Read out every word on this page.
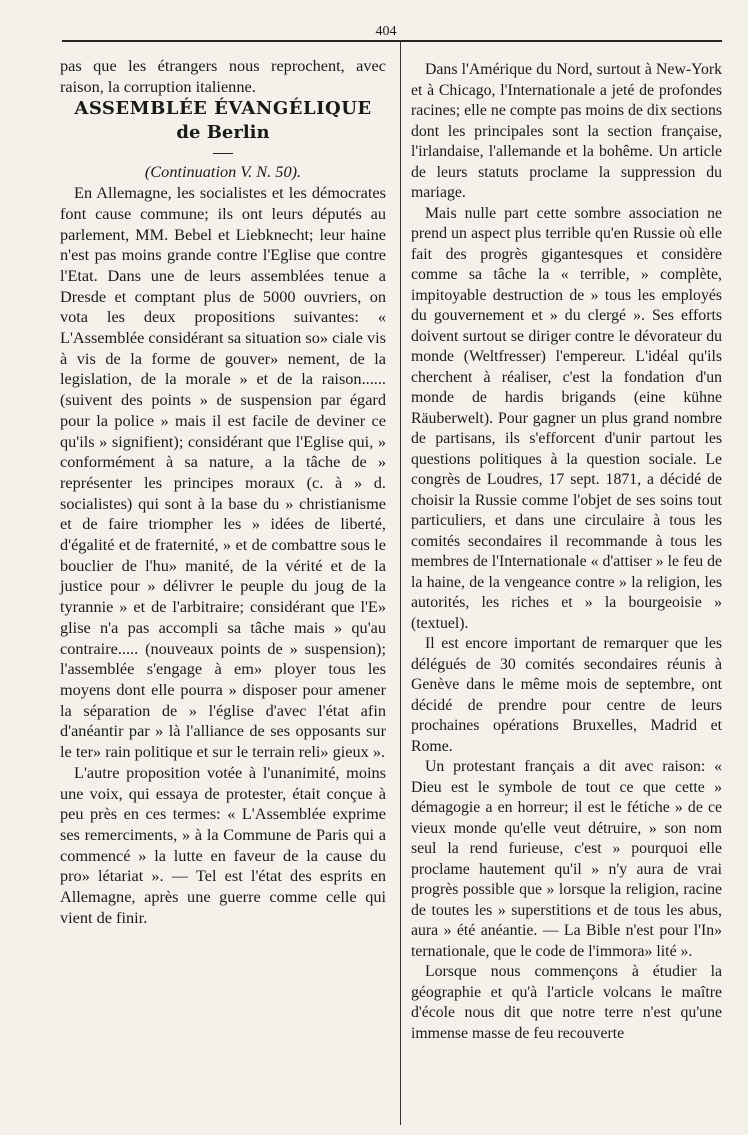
404

pas que les étrangers nous reprochent, avec raison, la corruption italienne.

ASSEMBLÉE ÉVANGÉLIQUE

de Berlin

(Continuation V. N. 50).

En Allemagne, les socialistes et les démocrates font cause commune; ils ont leurs députés au parlement, MM. Bebel et Liebknecht; leur haine n'est pas moins grande contre l'Eglise que contre l'Etat. Dans une de leurs assemblées tenue a Dresde et comptant plus de 5000 ouvriers, on vota les deux propositions suivantes: « L'Assemblée considérant sa situation so» ciale vis à vis de la forme de gouver» nement, de la legislation, de la morale » et de la raison...... (suivent des points » de suspension par égard pour la police » mais il est facile de deviner ce qu'ils » signifient); considérant que l'Eglise qui, » conformément à sa nature, a la tâche de » représenter les principes moraux (c. à » d. socialistes) qui sont à la base du » christianisme et de faire triompher les » idées de liberté, d'égalité et de fraternité, » et de combattre sous le bouclier de l'hu» manité, de la vérité et de la justice pour » délivrer le peuple du joug de la tyrannie » et de l'arbitraire; considérant que l'E» glise n'a pas accompli sa tâche mais » qu'au contraire..... (nouveaux points de » suspension); l'assemblée s'engage à em» ployer tous les moyens dont elle pourra » disposer pour amener la séparation de » l'église d'avec l'état afin d'anéantir par » là l'alliance de ses opposants sur le ter» rain politique et sur le terrain reli» gieux ».

L'autre proposition votée à l'unanimité, moins une voix, qui essaya de protester, était conçue à peu près en ces termes: « L'Assemblée exprime ses remerciments, » à la Commune de Paris qui a commencé » la lutte en faveur de la cause du pro» létariat ». — Tel est l'état des esprits en Allemagne, après une guerre comme celle qui vient de finir.

Dans l'Amérique du Nord, surtout à New-York et à Chicago, l'Internationale a jeté de profondes racines; elle ne compte pas moins de dix sections dont les principales sont la section française, l'irlandaise, l'allemande et la bohême. Un article de leurs statuts proclame la suppression du mariage.

Mais nulle part cette sombre association ne prend un aspect plus terrible qu'en Russie où elle fait des progrès gigantesques et considère comme sa tâche la « terrible, » complète, impitoyable destruction de » tous les employés du gouvernement et » du clergé ». Ses efforts doivent surtout se diriger contre le dévorateur du monde (Weltfresser) l'empereur. L'idéal qu'ils cherchent à réaliser, c'est la fondation d'un monde de hardis brigands (eine kühne Räuberwelt). Pour gagner un plus grand nombre de partisans, ils s'efforcent d'unir partout les questions politiques à la question sociale. Le congrès de Loudres, 17 sept. 1871, a décidé de choisir la Russie comme l'objet de ses soins tout particuliers, et dans une circulaire à tous les comités secondaires il recommande à tous les membres de l'Internationale « d'attiser » le feu de la haine, de la vengeance contre » la religion, les autorités, les riches et » la bourgeoisie » (textuel).

Il est encore important de remarquer que les délégués de 30 comités secondaires réunis à Genève dans le même mois de septembre, ont décidé de prendre pour centre de leurs prochaines opérations Bruxelles, Madrid et Rome.

Un protestant français a dit avec raison: « Dieu est le symbole de tout ce que cette » démagogie a en horreur; il est le fétiche » de ce vieux monde qu'elle veut détruire, » son nom seul la rend furieuse, c'est » pourquoi elle proclame hautement qu'il » n'y aura de vrai progrès possible que » lorsque la religion, racine de toutes les » superstitions et de tous les abus, aura » été anéantie. — La Bible n'est pour l'In» ternationale, que le code de l'immora» lité ».

Lorsque nous commençons à étudier la géographie et qu'à l'article volcans le maître d'école nous dit que notre terre n'est qu'une immense masse de feu recouverte
